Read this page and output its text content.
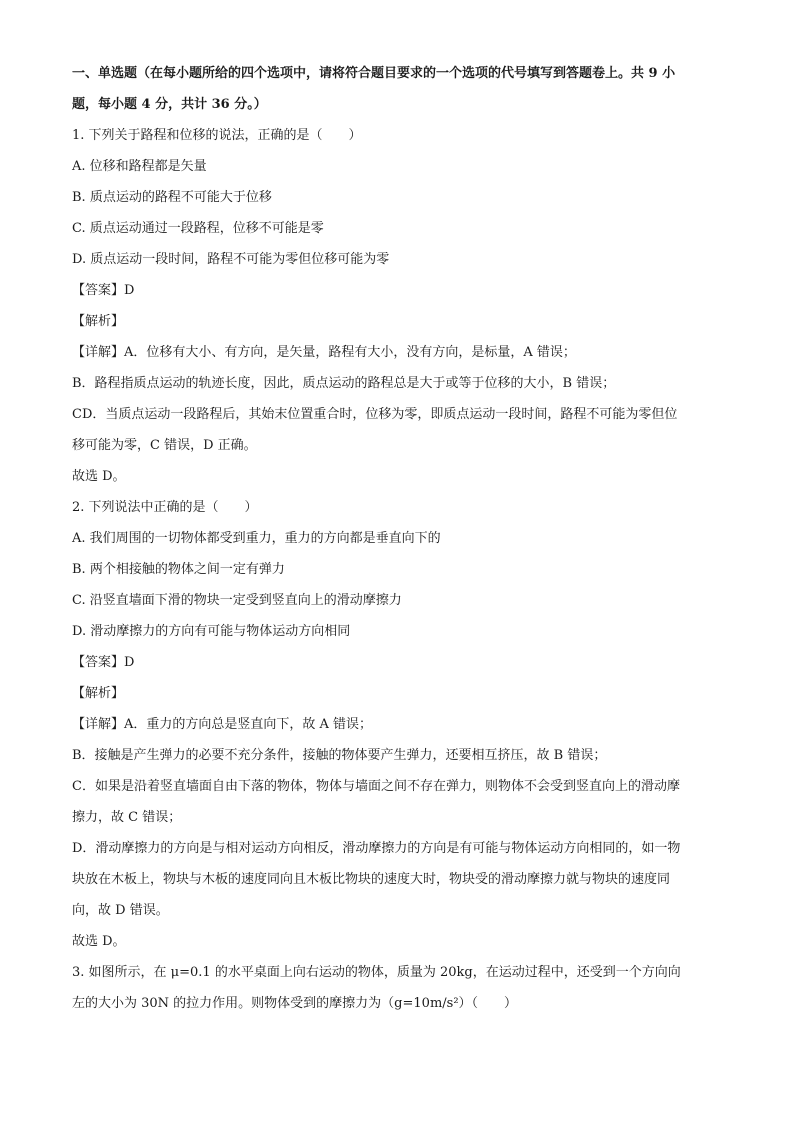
一、单选题（在每小题所给的四个选项中，请将符合题目要求的一个选项的代号填写到答题卷上。共 9 小
题，每小题 4 分，共计 36 分。）
1. 下列关于路程和位移的说法，正确的是（　　）
A. 位移和路程都是矢量
B. 质点运动的路程不可能大于位移
C. 质点运动通过一段路程，位移不可能是零
D. 质点运动一段时间，路程不可能为零但位移可能为零
【答案】D
【解析】
【详解】A．位移有大小、有方向，是矢量，路程有大小，没有方向，是标量，A 错误；
B．路程指质点运动的轨迹长度，因此，质点运动的路程总是大于或等于位移的大小，B 错误；
CD．当质点运动一段路程后，其始末位置重合时，位移为零，即质点运动一段时间，路程不可能为零但位
移可能为零，C 错误，D 正确。
故选 D。
2. 下列说法中正确的是（　　）
A. 我们周围的一切物体都受到重力，重力的方向都是垂直向下的
B. 两个相接触的物体之间一定有弹力
C. 沿竖直墙面下滑的物块一定受到竖直向上的滑动摩擦力
D. 滑动摩擦力的方向有可能与物体运动方向相同
【答案】D
【解析】
【详解】A．重力的方向总是竖直向下，故 A 错误；
B．接触是产生弹力的必要不充分条件，接触的物体要产生弹力，还要相互挤压，故 B 错误；
C．如果是沿着竖直墙面自由下落的物体，物体与墙面之间不存在弹力，则物体不会受到竖直向上的滑动摩
擦力，故 C 错误；
D．滑动摩擦力的方向是与相对运动方向相反，滑动摩擦力的方向是有可能与物体运动方向相同的，如一物
块放在木板上，物块与木板的速度同向且木板比物块的速度大时，物块受的滑动摩擦力就与物块的速度同
向，故 D 错误。
故选 D。
3. 如图所示，在 μ=0.1 的水平桌面上向右运动的物体，质量为 20kg，在运动过程中，还受到一个方向向
左的大小为 30N 的拉力作用。则物体受到的摩擦力为（g=10m/s²）（　　）
